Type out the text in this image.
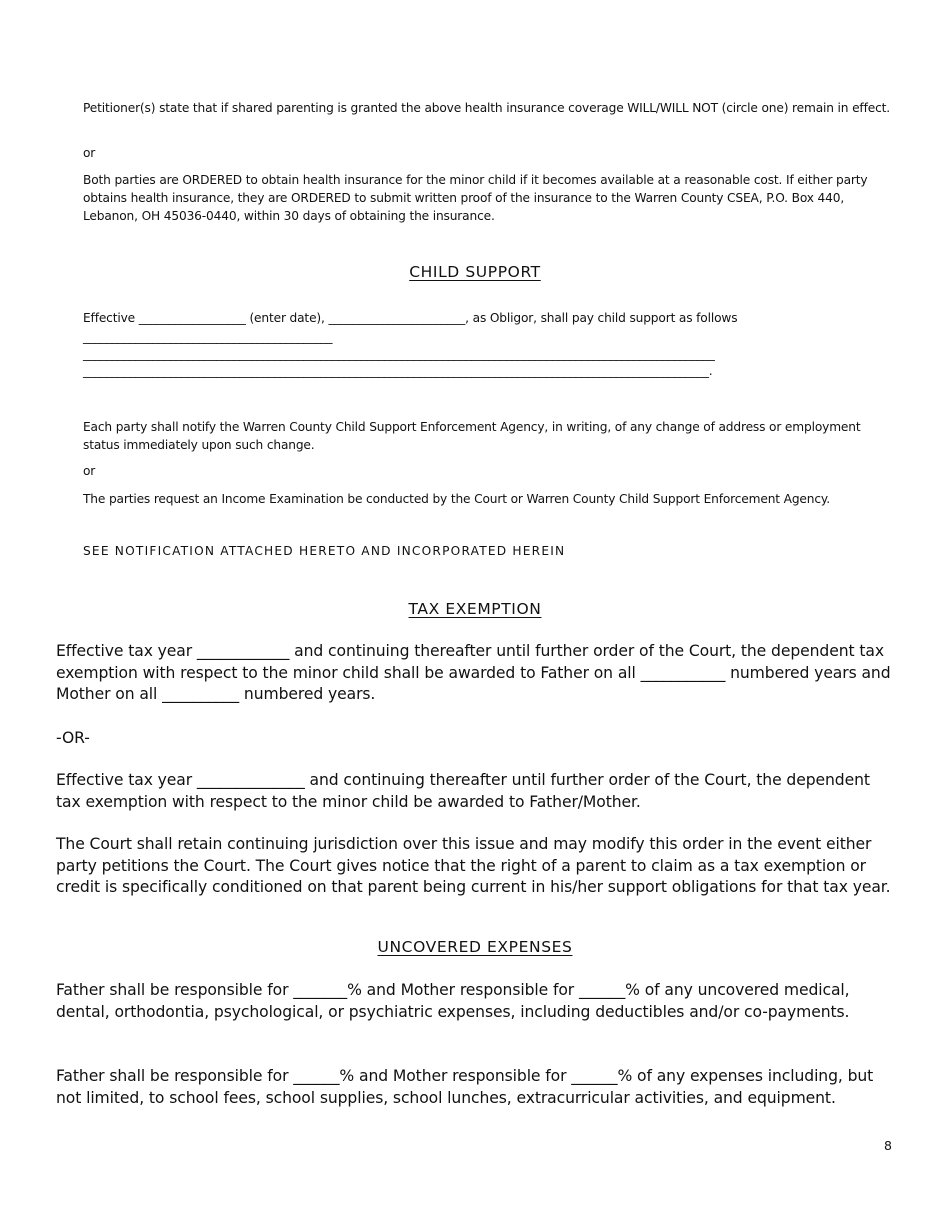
Petitioner(s) state that if shared parenting is granted the above health insurance coverage WILL/WILL NOT (circle one) remain in effect.
or
Both parties are ORDERED to obtain health insurance for the minor child if it becomes available at a reasonable cost. If either party obtains health insurance, they are ORDERED to submit written proof of the insurance to the Warren County CSEA, P.O. Box 440, Lebanon, OH 45036-0440, within 30 days of obtaining the insurance.
CHILD SUPPORT
Effective __________________ (enter date), _______________________, as Obligor, shall pay child support as follows
___________________________________________
_____________________________________________________________________________________________________________
____________________________________________________________________________________________________________.
Each party shall notify the Warren County Child Support Enforcement Agency, in writing, of any change of address or employment status immediately upon such change.
or
The parties request an Income Examination be conducted by the Court or Warren County Child Support Enforcement Agency.
SEE NOTIFICATION ATTACHED HERETO AND INCORPORATED HEREIN
TAX EXEMPTION
Effective tax year ____________ and continuing thereafter until further order of the Court, the dependent tax exemption with respect to the minor child shall be awarded to Father on all ___________ numbered years and Mother on all __________ numbered years.
-OR-
Effective tax year ______________ and continuing thereafter until further order of the Court, the dependent tax exemption with respect to the minor child be awarded to Father/Mother.
The Court shall retain continuing jurisdiction over this issue and may modify this order in the event either party petitions the Court. The Court gives notice that the right of a parent to claim as a tax exemption or credit is specifically conditioned on that parent being current in his/her support obligations for that tax year.
UNCOVERED EXPENSES
Father shall be responsible for _______% and Mother responsible for ______% of any uncovered medical, dental, orthodontia, psychological, or psychiatric expenses, including deductibles and/or co-payments.
Father shall be responsible for ______% and Mother responsible for ______% of any expenses including, but not limited, to school fees, school supplies, school lunches, extracurricular activities, and equipment.
8
